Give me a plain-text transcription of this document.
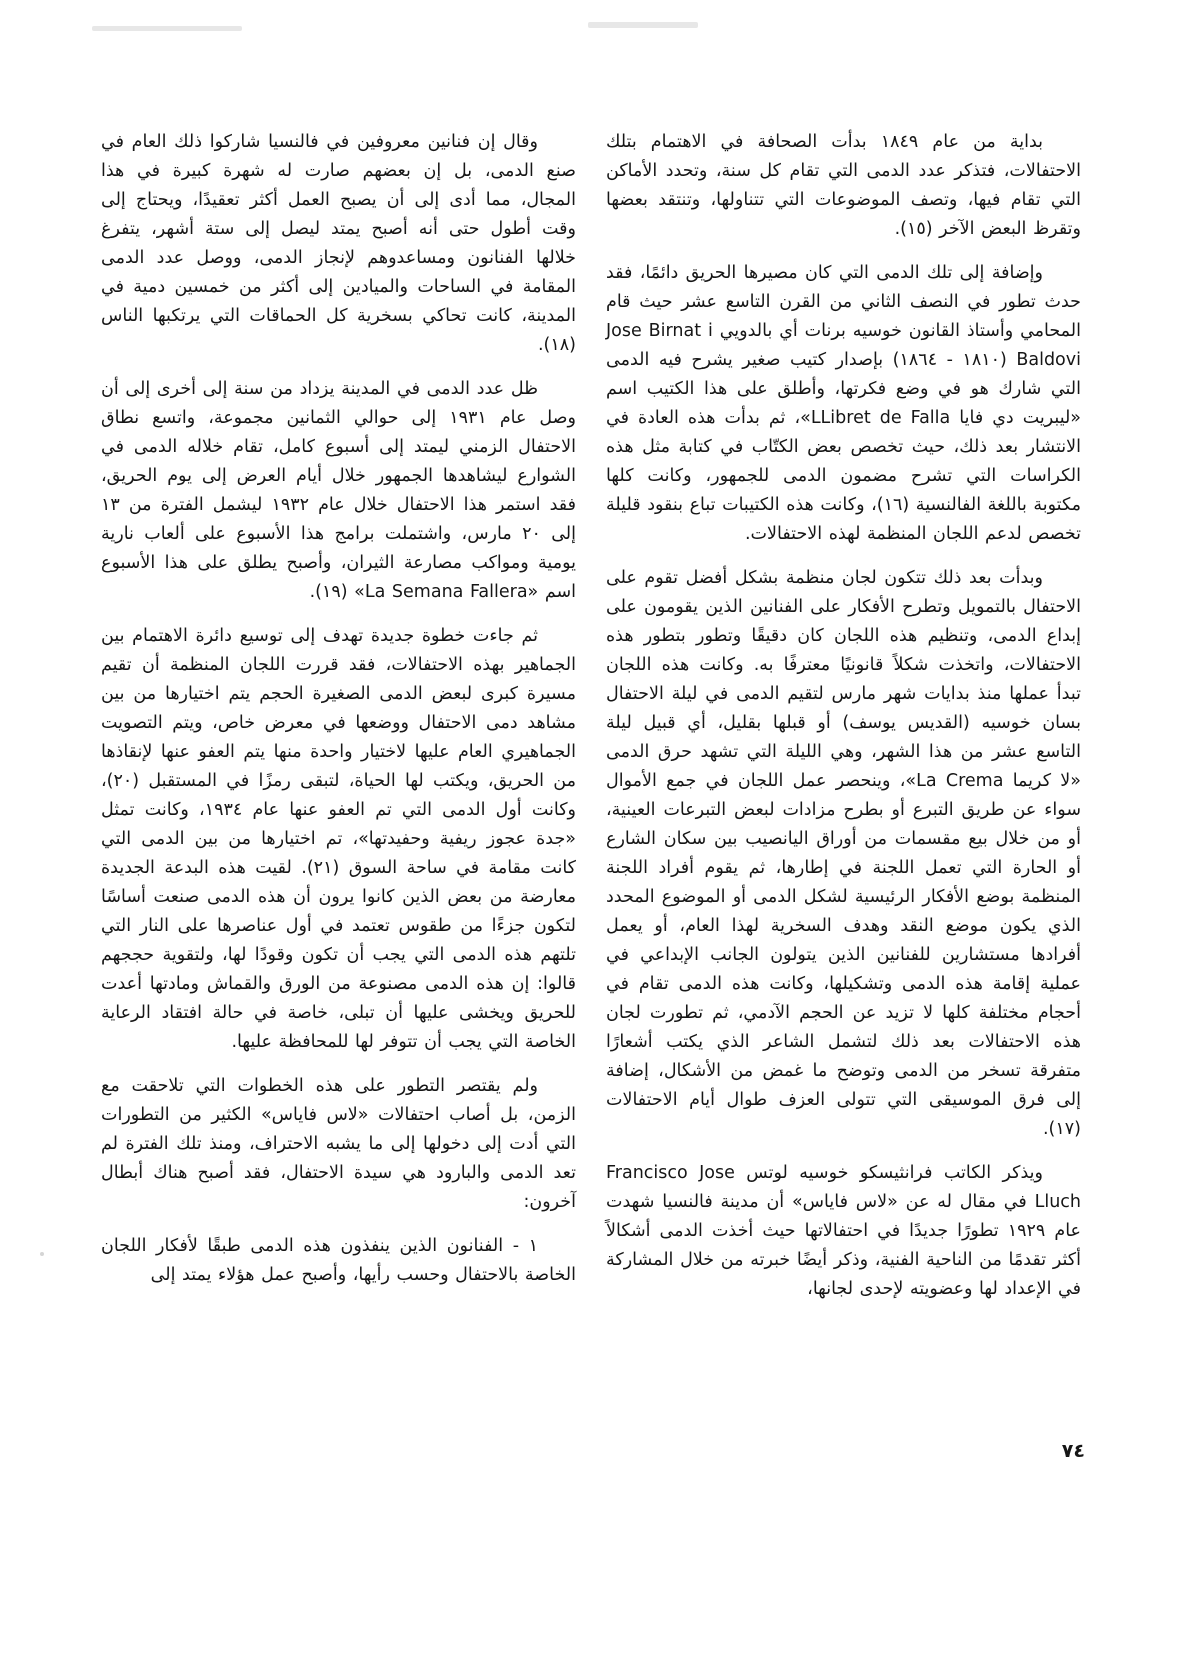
بداية من عام ١٨٤٩ بدأت الصحافة في الاهتمام بتلك الاحتفالات، فتذكر عدد الدمى التي تقام كل سنة، وتحدد الأماكن التي تقام فيها، وتصف الموضوعات التي تتناولها، وتنتقد بعضها وتقرظ البعض الآخر (١٥).

وإضافة إلى تلك الدمى التي كان مصيرها الحريق دائمًا، فقد حدث تطور في النصف الثاني من القرن التاسع عشر حيث قام المحامي وأستاذ القانون خوسيه برنات أي بالدويي Jose Birnat i Baldovi (١٨١٠ - ١٨٦٤) بإصدار كتيب صغير يشرح فيه الدمى التي شارك هو في وضع فكرتها، وأطلق على هذا الكتيب اسم «ليبريت دي فايا LLibret de Falla»، ثم بدأت هذه العادة في الانتشار بعد ذلك، حيث تخصص بعض الكتّاب في كتابة مثل هذه الكراسات التي تشرح مضمون الدمى للجمهور، وكانت كلها مكتوبة باللغة الفالنسية (١٦)، وكانت هذه الكتيبات تباع بنقود قليلة تخصص لدعم اللجان المنظمة لهذه الاحتفالات.

وبدأت بعد ذلك تتكون لجان منظمة بشكل أفضل تقوم على الاحتفال بالتمويل وتطرح الأفكار على الفنانين الذين يقومون على إبداع الدمى، وتنظيم هذه اللجان كان دقيقًا وتطور بتطور هذه الاحتفالات، واتخذت شكلاً قانونيًا معترفًا به. وكانت هذه اللجان تبدأ عملها منذ بدايات شهر مارس لتقيم الدمى في ليلة الاحتفال بسان خوسيه (القديس يوسف) أو قبلها بقليل، أي قبيل ليلة التاسع عشر من هذا الشهر، وهي الليلة التي تشهد حرق الدمى «لا كريما La Crema»، وينحصر عمل اللجان في جمع الأموال سواء عن طريق التبرع أو بطرح مزادات لبعض التبرعات العينية، أو من خلال بيع مقسمات من أوراق اليانصيب بين سكان الشارع أو الحارة التي تعمل اللجنة في إطارها، ثم يقوم أفراد اللجنة المنظمة بوضع الأفكار الرئيسية لشكل الدمى أو الموضوع المحدد الذي يكون موضع النقد وهدف السخرية لهذا العام، أو يعمل أفرادها مستشارين للفنانين الذين يتولون الجانب الإبداعي في عملية إقامة هذه الدمى وتشكيلها، وكانت هذه الدمى تقام في أحجام مختلفة كلها لا تزيد عن الحجم الآدمي، ثم تطورت لجان هذه الاحتفالات بعد ذلك لتشمل الشاعر الذي يكتب أشعارًا متفرقة تسخر من الدمى وتوضح ما غمض من الأشكال، إضافة إلى فرق الموسيقى التي تتولى العزف طوال أيام الاحتفالات (١٧).

ويذكر الكاتب فرانثيسكو خوسيه لوتس Francisco Jose Lluch في مقال له عن «لاس فاياس» أن مدينة فالنسيا شهدت عام ١٩٢٩ تطورًا جديدًا في احتفالاتها حيث أخذت الدمى أشكالاً أكثر تقدمًا من الناحية الفنية، وذكر أيضًا خبرته من خلال المشاركة في الإعداد لها وعضويته لإحدى لجانها،

وقال إن فنانين معروفين في فالنسيا شاركوا ذلك العام في صنع الدمى، بل إن بعضهم صارت له شهرة كبيرة في هذا المجال، مما أدى إلى أن يصبح العمل أكثر تعقيدًا، ويحتاج إلى وقت أطول حتى أنه أصبح يمتد ليصل إلى ستة أشهر، يتفرغ خلالها الفنانون ومساعدوهم لإنجاز الدمى، ووصل عدد الدمى المقامة في الساحات والميادين إلى أكثر من خمسين دمية في المدينة، كانت تحاكي بسخرية كل الحماقات التي يرتكبها الناس (١٨).

ظل عدد الدمى في المدينة يزداد من سنة إلى أخرى إلى أن وصل عام ١٩٣١ إلى حوالي الثمانين مجموعة، واتسع نطاق الاحتفال الزمني ليمتد إلى أسبوع كامل، تقام خلاله الدمى في الشوارع ليشاهدها الجمهور خلال أيام العرض إلى يوم الحريق، فقد استمر هذا الاحتفال خلال عام ١٩٣٢ ليشمل الفترة من ١٣ إلى ٢٠ مارس، واشتملت برامج هذا الأسبوع على ألعاب نارية يومية ومواكب مصارعة الثيران، وأصبح يطلق على هذا الأسبوع اسم «La Semana Fallera» (١٩).

ثم جاءت خطوة جديدة تهدف إلى توسيع دائرة الاهتمام بين الجماهير بهذه الاحتفالات، فقد قررت اللجان المنظمة أن تقيم مسيرة كبرى لبعض الدمى الصغيرة الحجم يتم اختيارها من بين مشاهد دمى الاحتفال ووضعها في معرض خاص، ويتم التصويت الجماهيري العام عليها لاختيار واحدة منها يتم العفو عنها لإنقاذها من الحريق، ويكتب لها الحياة، لتبقى رمزًا في المستقبل (٢٠)، وكانت أول الدمى التي تم العفو عنها عام ١٩٣٤، وكانت تمثل «جدة عجوز ريفية وحفيدتها»، تم اختيارها من بين الدمى التي كانت مقامة في ساحة السوق (٢١). لقيت هذه البدعة الجديدة معارضة من بعض الذين كانوا يرون أن هذه الدمى صنعت أساسًا لتكون جزءًا من طقوس تعتمد في أول عناصرها على النار التي تلتهم هذه الدمى التي يجب أن تكون وقودًا لها، ولتقوية حججهم قالوا: إن هذه الدمى مصنوعة من الورق والقماش ومادتها أعدت للحريق ويخشى عليها أن تبلى، خاصة في حالة افتقاد الرعاية الخاصة التي يجب أن تتوفر لها للمحافظة عليها.

ولم يقتصر التطور على هذه الخطوات التي تلاحقت مع الزمن، بل أصاب احتفالات «لاس فاياس» الكثير من التطورات التي أدت إلى دخولها إلى ما يشبه الاحتراف، ومنذ تلك الفترة لم تعد الدمى والبارود هي سيدة الاحتفال، فقد أصبح هناك أبطال آخرون:

١ - الفنانون الذين ينفذون هذه الدمى طبقًا لأفكار اللجان الخاصة بالاحتفال وحسب رأيها، وأصبح عمل هؤلاء يمتد إلى

٧٤
